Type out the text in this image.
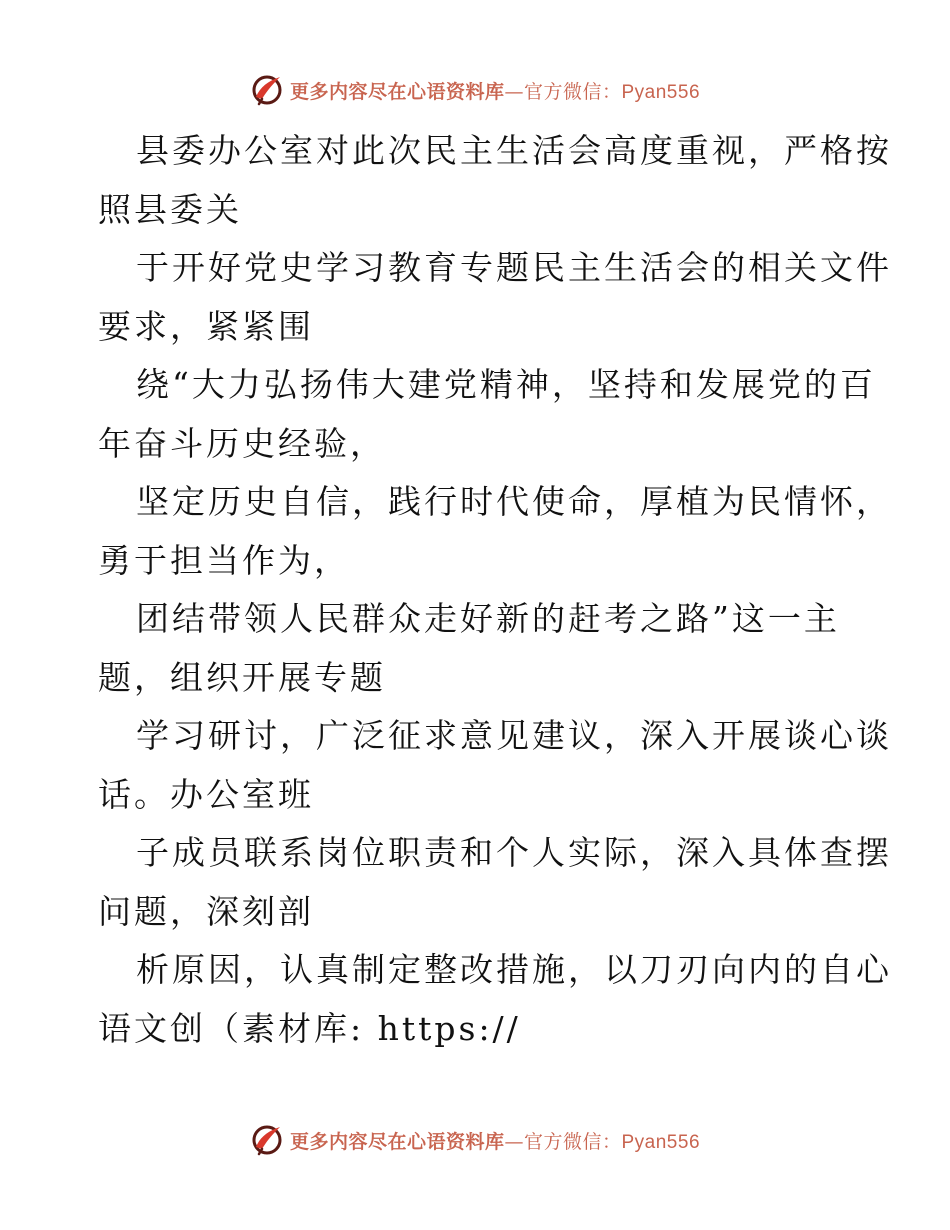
更多内容尽在心语资料库—官方微信：Pyan556

县委办公室对此次民主生活会高度重视，严格按
照县委关

于开好党史学习教育专题民主生活会的相关文件
要求，紧紧围

绕“大力弘扬伟大建党精神，坚持和发展党的百
年奋斗历史经验，

坚定历史自信，践行时代使命，厚植为民情怀，
勇于担当作为，

团结带领人民群众走好新的赶考之路”这一主
题，组织开展专题

学习研讨，广泛征求意见建议，深入开展谈心谈
话。办公室班

子成员联系岗位职责和个人实际，深入具体查摆
问题，深刻剖

析原因，认真制定整改措施，以刀刃向内的自心
语文创（素材库: https://

更多内容尽在心语资料库—官方微信：Pyan556
